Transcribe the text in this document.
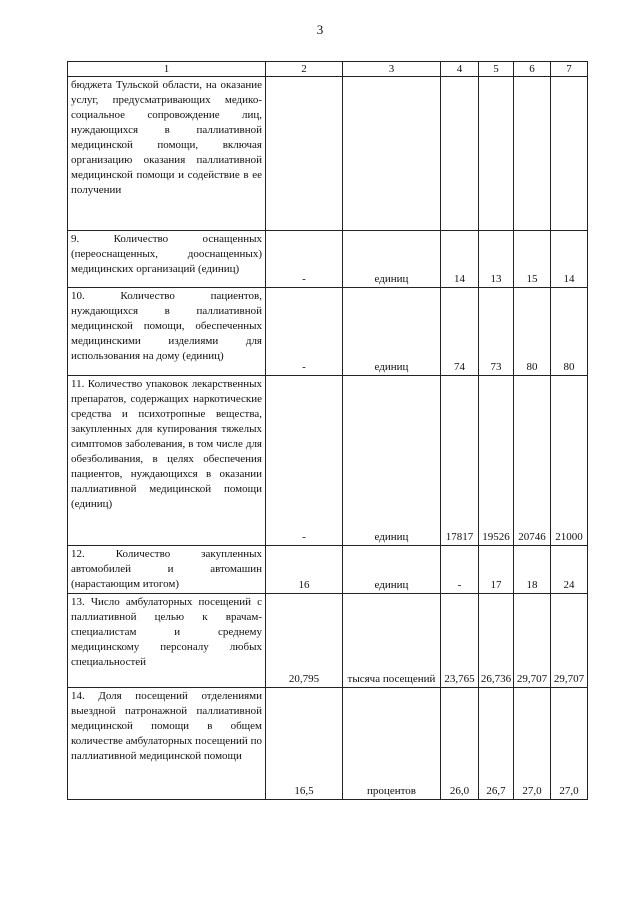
3
1	2	3	4	5	6	7
бюджета Тульской области, на оказание услуг, предусматривающих медико-социальное сопровождение лиц, нуждающихся в паллиативной медицинской помощи, включая организацию оказания паллиативной медицинской помощи и содействие в ее получении						
9. Количество оснащенных (переоснащенных, дооснащенных) медицинских организаций (единиц)	-	единиц	14	13	15	14
10. Количество пациентов, нуждающихся в паллиативной медицинской помощи, обеспеченных медицинскими изделиями для использования на дому (единиц)	-	единиц	74	73	80	80
11. Количество упаковок лекарственных препаратов, содержащих наркотические средства и психотропные вещества, закупленных для купирования тяжелых симптомов заболевания, в том числе для обезболивания, в целях обеспечения пациентов, нуждающихся в оказании паллиативной медицинской помощи (единиц)	-	единиц	17817	19526	20746	21000
12. Количество закупленных автомобилей и автомашин (нарастающим итогом)	16	единиц	-	17	18	24
13. Число амбулаторных посещений с паллиативной целью к врачам-специалистам и среднему медицинскому персоналу любых специальностей	20,795	тысяча посещений	23,765	26,736	29,707	29,707
14. Доля посещений отделениями выездной патронажной паллиативной медицинской помощи в общем количестве амбулаторных посещений по паллиативной медицинской помощи	16,5	процентов	26,0	26,7	27,0	27,0
